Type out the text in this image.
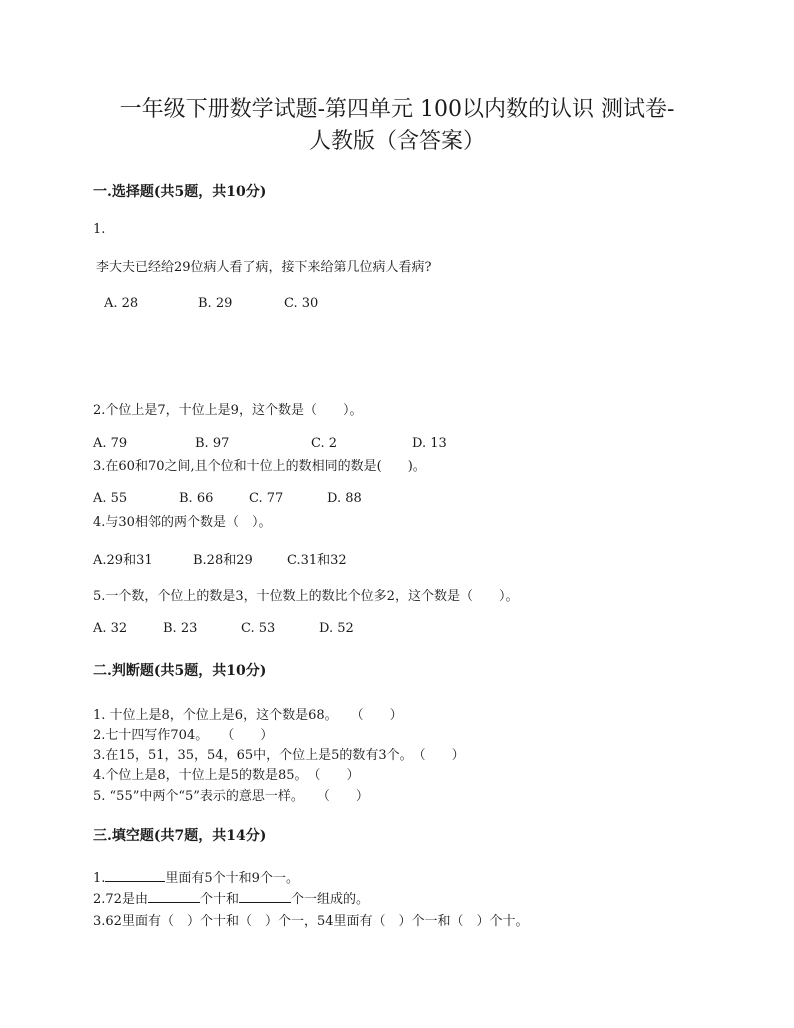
一年级下册数学试题-第四单元 100以内数的认识 测试卷-
人教版（含答案）
一.选择题(共5题，共10分)
1.
李大夫已经给29位病人看了病，接下来给第几位病人看病?
A. 28	B. 29	C. 30
2.个位上是7，十位上是9，这个数是（　　）。
A. 79	B. 97	C. 2	D. 13
3.在60和70之间,且个位和十位上的数相同的数是(　　)。
A. 55	B. 66	C. 77	D. 88
4.与30相邻的两个数是（　）。
A.29和31	B.28和29	C.31和32
5.一个数，个位上的数是3，十位数上的数比个位多2，这个数是（　　）。
A. 32	B. 23	C. 53	D. 52
二.判断题(共5题，共10分)
1. 十位上是8，个位上是6，这个数是68。　　（　　）
2.七十四写作704。　　（　　）
3.在15，51，35，54，65中，个位上是5的数有3个。　（　　）
4.个位上是8，十位上是5的数是85。　（　　）
5. “55”中两个“5”表示的意思一样。　　（　　）
三.填空题(共7题，共14分)
1.	里面有5个十和9个一。
2.72是由	个十和	个一组成的。
3.62里面有（　）个十和（　）个一，54里面有（　）个一和（　）个十。
